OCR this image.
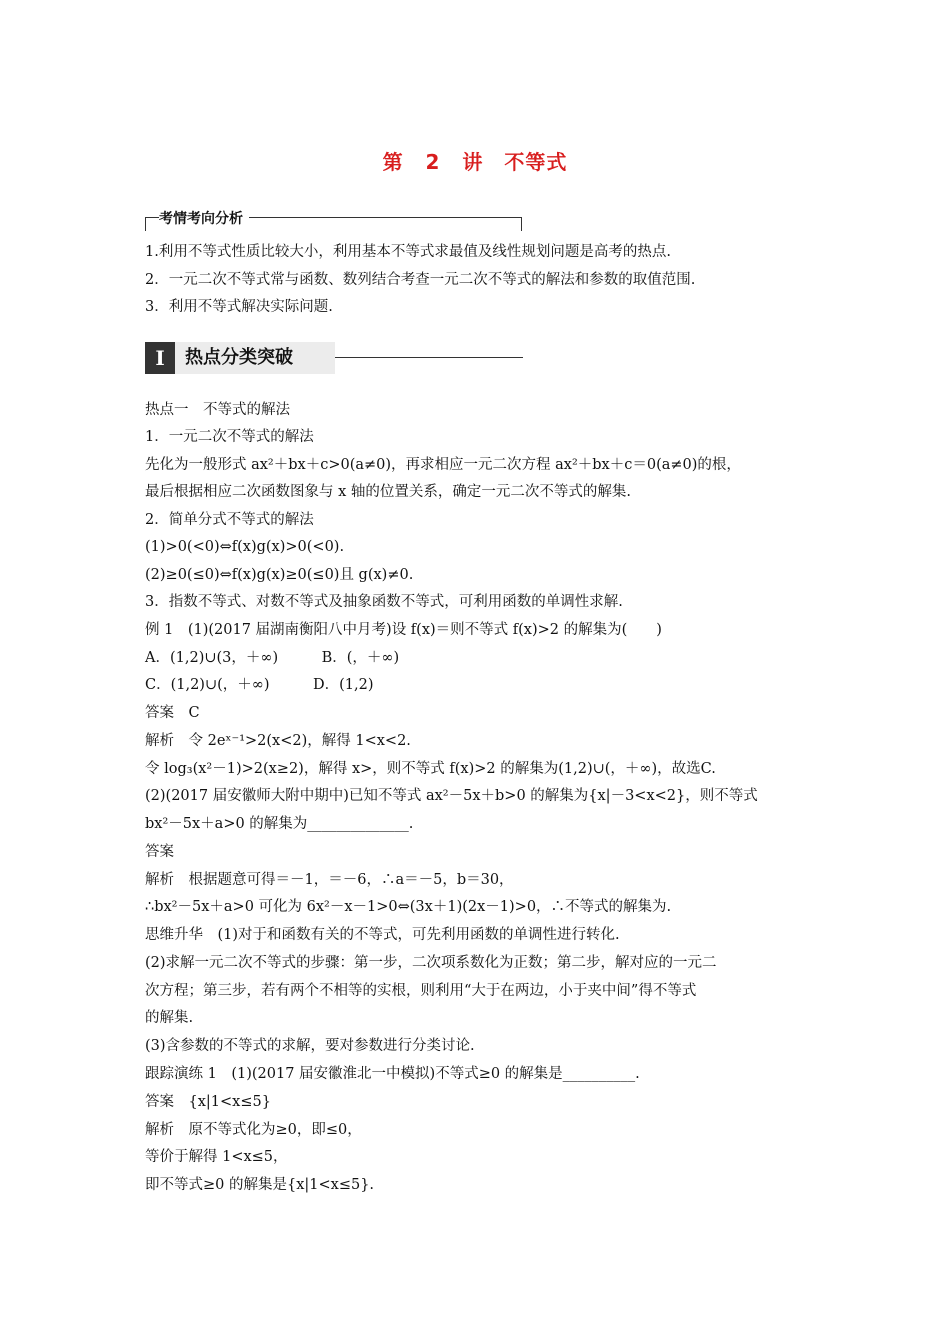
第 2 讲　不等式
考情考向分析
1.利用不等式性质比较大小，利用基本不等式求最值及线性规划问题是高考的热点.
2．一元二次不等式常与函数、数列结合考查一元二次不等式的解法和参数的取值范围.
3．利用不等式解决实际问题.
I	热点分类突破
热点一　不等式的解法
1．一元二次不等式的解法
先化为一般形式 ax²＋bx＋c>0(a≠0)，再求相应一元二次方程 ax²＋bx＋c＝0(a≠0)的根，
最后根据相应二次函数图象与 x 轴的位置关系，确定一元二次不等式的解集.
2．简单分式不等式的解法
(1)>0(<0)⇔f(x)g(x)>0(<0).
(2)≥0(≤0)⇔f(x)g(x)≥0(≤0)且 g(x)≠0.
3．指数不等式、对数不等式及抽象函数不等式，可利用函数的单调性求解.
例 1　(1)(2017 届湖南衡阳八中月考)设 f(x)＝则不等式 f(x)>2 的解集为(　　)
A．(1,2)∪(3，＋∞)　　　B．(，＋∞)
C．(1,2)∪(，＋∞)　　　D．(1,2)
答案　C
解析　令 2eˣ⁻¹>2(x<2)，解得 1<x<2.
令 log₃(x²－1)>2(x≥2)，解得 x>，则不等式 f(x)>2 的解集为(1,2)∪(，＋∞)，故选C.
(2)(2017 届安徽师大附中期中)已知不等式 ax²－5x＋b>0 的解集为{x|－3<x<2}，则不等式
bx²－5x＋a>0 的解集为______________.
答案
解析　根据题意可得＝－1，＝－6，∴a＝－5，b＝30，
∴bx²－5x＋a>0 可化为 6x²－x－1>0⇔(3x＋1)(2x－1)>0，∴不等式的解集为.
思维升华　(1)对于和函数有关的不等式，可先利用函数的单调性进行转化.
(2)求解一元二次不等式的步骤：第一步，二次项系数化为正数；第二步，解对应的一元二
次方程；第三步，若有两个不相等的实根，则利用“大于在两边，小于夹中间”得不等式
的解集.
(3)含参数的不等式的求解，要对参数进行分类讨论.
跟踪演练 1　(1)(2017 届安徽淮北一中模拟)不等式≥0 的解集是__________.
答案　{x|1<x≤5}
解析　原不等式化为≥0，即≤0，
等价于解得 1<x≤5，
即不等式≥0 的解集是{x|1<x≤5}.
